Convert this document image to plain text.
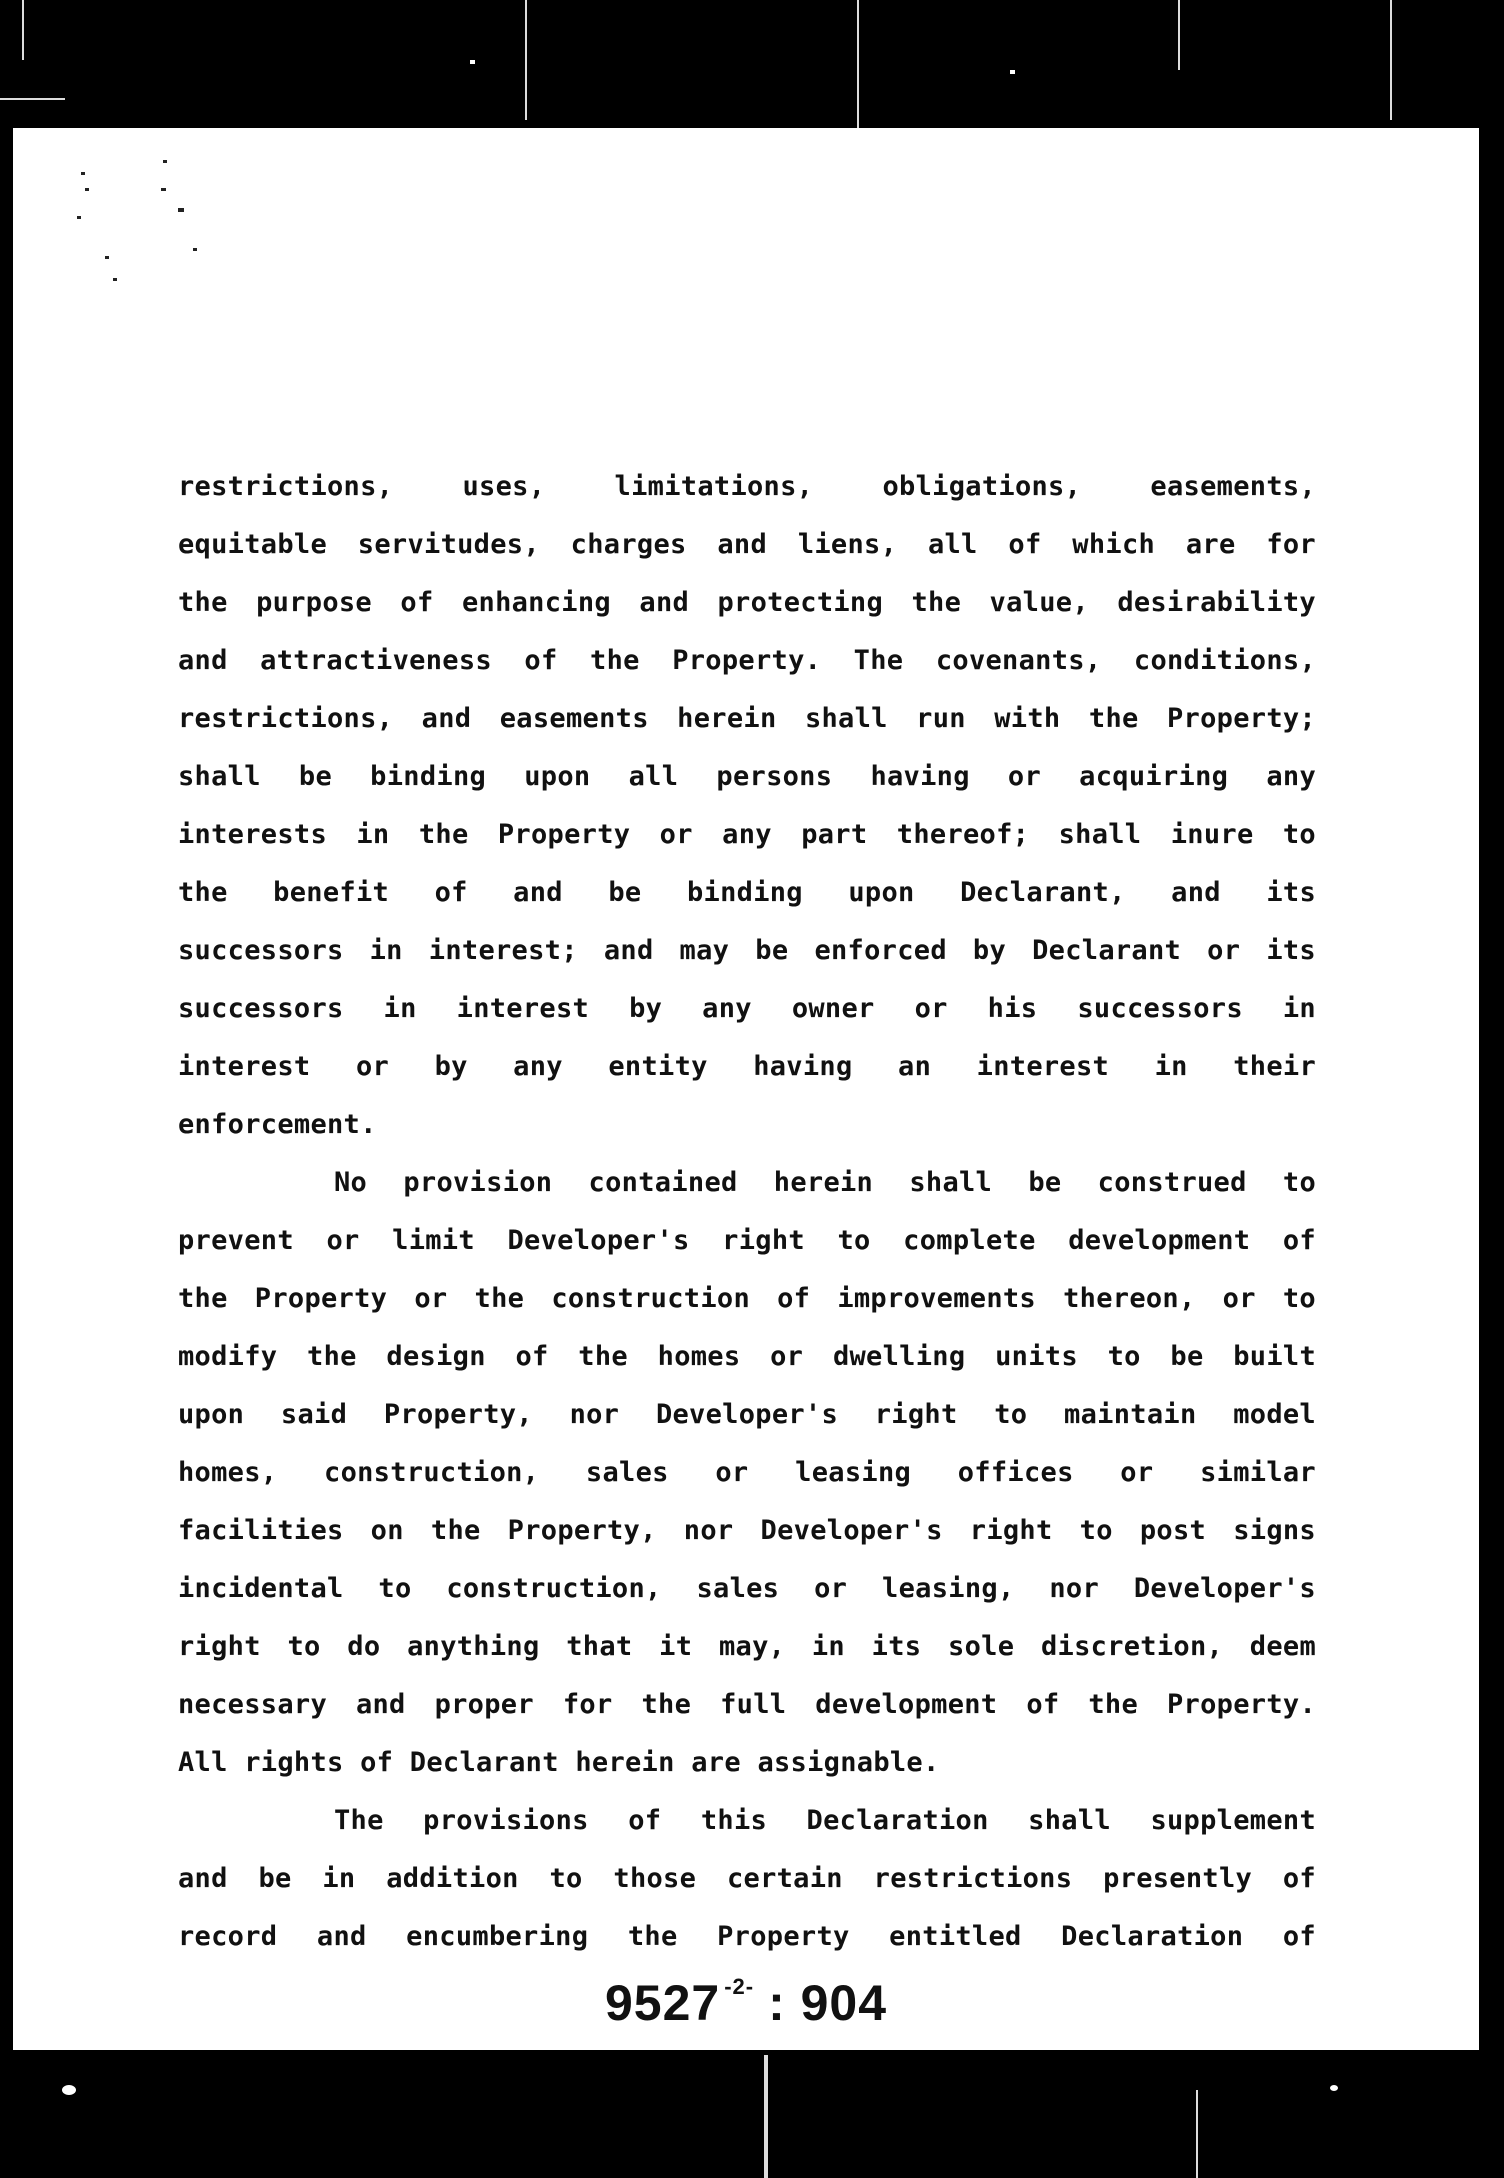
restrictions, uses, limitations, obligations, easements,
equitable servitudes, charges and liens, all of which are for
the purpose of enhancing and protecting the value, desirability
and attractiveness of the Property. The covenants, conditions,
restrictions, and easements herein shall run with the Property;
shall be binding upon all persons having or acquiring any
interests in the Property or any part thereof; shall inure to
the benefit of and be binding upon Declarant, and its
successors in interest; and may be enforced by Declarant or its
successors in interest by any owner or his successors in
interest or by any entity having an interest in their
enforcement.
No provision contained herein shall be construed to
prevent or limit Developer's right to complete development of
the Property or the construction of improvements thereon, or to
modify the design of the homes or dwelling units to be built
upon said Property, nor Developer's right to maintain model
homes, construction, sales or leasing offices or similar
facilities on the Property, nor Developer's right to post signs
incidental to construction, sales or leasing, nor Developer's
right to do anything that it may, in its sole discretion, deem
necessary and proper for the full development of the Property.
All rights of Declarant herein are assignable.
The provisions of this Declaration shall supplement
and be in addition to those certain restrictions presently of
record and encumbering the Property entitled Declaration of
9527 $^{-2-}$ : 904
